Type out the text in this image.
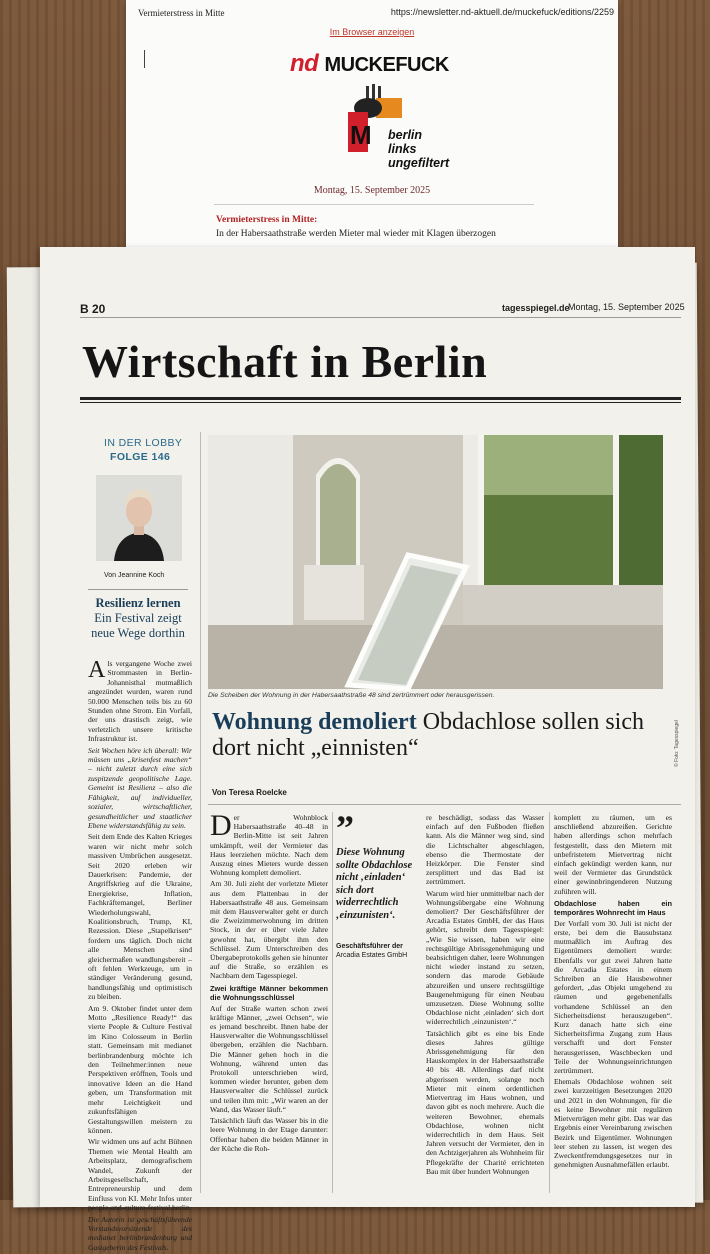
Vermieterstress in Mitte	https://newsletter.nd-aktuell.de/muckefuck/editions/2259
Im Browser anzeigen
nd MUCKEFUCK
M berlin
links
ungefiltert
Montag, 15. September 2025
Vermieterstress in Mitte:
In der Habersaathstraße werden Mieter mal wieder mit Klagen überzogen
B 20	tagesspiegel.de
Montag, 15. September 2025
Wirtschaft in Berlin
IN DER LOBBY
FOLGE 146
Von Jeannine Koch
Resilienz lernen
Ein Festival zeigt neue Wege dorthin

Als vergangene Woche zwei Strommasten in Berlin-Johannisthal mutmaßlich angezündet wurden, waren rund 50.000 Menschen teils bis zu 60 Stunden ohne Strom. Ein Vorfall, der uns drastisch zeigt, wie verletzlich unsere kritische Infrastruktur ist.

Seit Wochen höre ich überall: Wir müssen uns „krisenfest machen“ – nicht zuletzt durch eine sich zuspitzende geopolitische Lage. Gemeint ist Resilienz – also die Fähigkeit, auf individueller, sozialer, wirtschaftlicher, gesundheitlicher und staatlicher Ebene widerstandsfähig zu sein.

Seit dem Ende des Kalten Krieges waren wir nicht mehr solch massiven Umbrüchen ausgesetzt. Seit 2020 erleben wir Dauerkrisen: Pandemie, der Angriffskrieg auf die Ukraine, Energiekrise, Inflation, Fachkräftemangel, Berliner Wiederholungswahl, Koalitionsbruch, Trump, KI, Rezession. Diese „Stapelkrisen“ fordern uns täglich. Doch nicht alle Menschen sind gleichermaßen wandlungsbereit – oft fehlen Werkzeuge, um in ständiger Veränderung gesund, handlungsfähig und optimistisch zu bleiben.

Am 9. Oktober findet unter dem Motto „Resilience Ready!“ das vierte People & Culture Festival im Kino Colosseum in Berlin statt. Gemeinsam mit medianet berlinbrandenburg möchte ich den Teilnehmer:innen neue Perspektiven eröffnen, Tools und innovative Ideen an die Hand geben, um Transformation mit mehr Leichtigkeit und zukunftsfähigen Gestaltungswillen meistern zu können.

Wir widmen uns auf acht Bühnen Themen wie Mental Health am Arbeitsplatz, demografischem Wandel, Zukunft der Arbeitsgesellschaft, Entrepreneurship und dem Einfluss von KI. Mehr Infos unter people-and-culture-festival.berlin

Die Autorin ist geschäftsführende Vorstandsvorsitzende des medianet berlinbrandenburg und Gastgeberin des Festivals.

Die Scheiben der Wohnung in der Habersaathstraße 48 sind zertrümmert oder herausgerissen.
© Foto: Tagesspiegel
Wohnung demoliert Obdachlose sollen sich dort nicht „einnisten“
Von Teresa Roelcke

Der Wohnblock Habersaathstraße 40–48 in Berlin-Mitte ist seit Jahren umkämpft, weil der Vermieter das Haus leerziehen möchte. Nach dem Auszug eines Mieters wurde dessen Wohnung komplett demoliert.

Am 30. Juli zieht der vorletzte Mieter aus dem Plattenbau in der Habersaathstraße 48 aus. Gemeinsam mit dem Hausverwalter geht er durch die Zweizimmerwohnung im dritten Stock, in der er über viele Jahre gewohnt hat, übergibt ihm den Schlüssel. Zum Unterschreiben des Übergabeprotokolls gehen sie hinunter auf die Straße, so erzählen es Nachbarn dem Tagesspiegel.

Zwei kräftige Männer bekommen die Wohnungsschlüssel

Auf der Straße warten schon zwei kräftige Männer, „zwei Ochsen“, wie es jemand beschreibt. Ihnen habe der Hausverwalter die Wohnungsschlüssel übergeben, erzählen die Nachbarn. Die Männer gehen hoch in die Wohnung, während unten das Protokoll unterschrieben wird, kommen wieder herunter, geben dem Hausverwalter die Schlüssel zurück und teilen ihm mit: „Wir waren an der Wand, das Wasser läuft.“

Tatsächlich läuft das Wasser bis in die leere Wohnung in der Etage darunter: Offenbar haben die beiden Männer in der Küche die Roh-

”
Diese Wohnung sollte Obdachlose nicht ‚einladen‘ sich dort widerrechtlich ‚einzunisten‘.
Geschäftsführer der
Arcadia Estates GmbH

re beschädigt, sodass das Wasser einfach auf den Fußboden fließen kann. Als die Männer weg sind, sind die Lichtschalter abgeschlagen, ebenso die Thermostate der Heizkörper. Die Fenster sind zersplittert und das Bad ist zertrümmert.

Warum wird hier unmittelbar nach der Wohnungsübergabe eine Wohnung demoliert? Der Geschäftsführer der Arcadia Estates GmbH, der das Haus gehört, schreibt dem Tagesspiegel: „Wie Sie wissen, haben wir eine rechtsgültige Abrissgenehmigung und beabsichtigen daher, leere Wohnungen nicht wieder instand zu setzen, sondern das marode Gebäude abzureißen und unsere rechtsgültige Baugenehmigung für einen Neubau umzusetzen. Diese Wohnung sollte Obdachlose nicht ‚einladen‘ sich dort widerrechtlich ‚einzunisten‘.“

Tatsächlich gibt es eine bis Ende dieses Jahres gültige Abrissgenehmigung für den Hauskomplex in der Habersaathstraße 40 bis 48. Allerdings darf nicht abgerissen werden, solange noch Mieter mit einem ordentlichen Mietvertrag im Haus wohnen, und davon gibt es noch mehrere. Auch die weiteren Bewohner, ehemals Obdachlose, wohnen nicht widerrechtlich in dem Haus. Seit Jahren versucht der Vermieter, den in den Achtzigerjahren als Wohnheim für Pflegekräfte der Charité errichteten Bau mit über hundert Wohnungen

komplett zu räumen, um es anschließend abzureißen. Gerichte haben allerdings schon mehrfach festgestellt, dass den Mietern mit unbefristetem Mietvertrag nicht einfach gekündigt werden kann, nur weil der Vermieter das Grundstück einer gewinnbringenderen Nutzung zuführen will.

Obdachlose haben ein temporäres Wohnrecht im Haus

Der Vorfall vom 30. Juli ist nicht der erste, bei dem die Bausubstanz mutmaßlich im Auftrag des Eigentümers demoliert wurde: Ebenfalls vor gut zwei Jahren hatte die Arcadia Estates in einem Schreiben an die Hausbewohner gefordert, „das Objekt umgehend zu räumen und gegebenenfalls vorhandene Schlüssel an den Sicherheitsdienst herauszugeben“. Kurz danach hatte sich eine Sicherheitsfirma Zugang zum Haus verschafft und dort Fenster herausgerissen, Waschbecken und Teile der Wohnungseinrichtungen zertrümmert.

Ehemals Obdachlose wohnen seit zwei kurzzeitigen Besetzungen 2020 und 2021 in den Wohnungen, für die es keine Bewohner mit regulären Mietverträgen mehr gibt. Das war das Ergebnis einer Vereinbarung zwischen Bezirk und Eigentümer. Wohnungen leer stehen zu lassen, ist wegen des Zweckentfremdungsgesetzes nur in genehmigten Ausnahmefällen erlaubt.
